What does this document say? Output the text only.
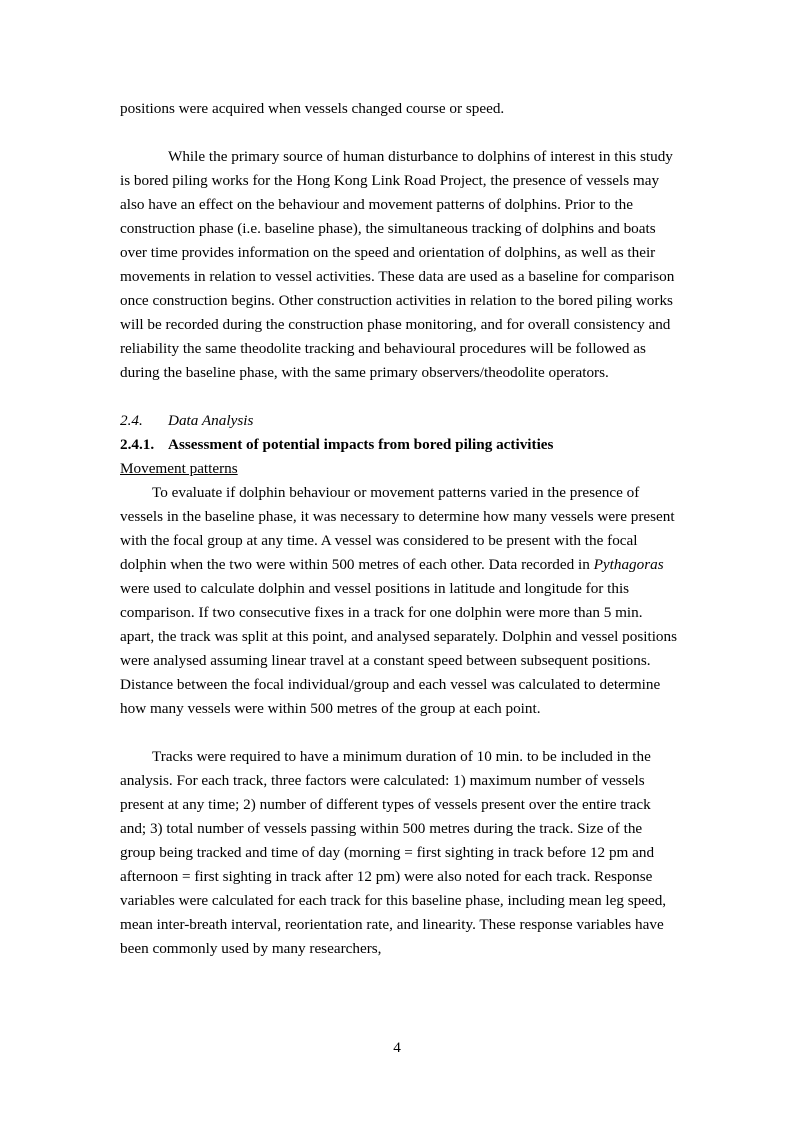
positions were acquired when vessels changed course or speed.

While the primary source of human disturbance to dolphins of interest in this study is bored piling works for the Hong Kong Link Road Project, the presence of vessels may also have an effect on the behaviour and movement patterns of dolphins. Prior to the construction phase (i.e. baseline phase), the simultaneous tracking of dolphins and boats over time provides information on the speed and orientation of dolphins, as well as their movements in relation to vessel activities. These data are used as a baseline for comparison once construction begins. Other construction activities in relation to the bored piling works will be recorded during the construction phase monitoring, and for overall consistency and reliability the same theodolite tracking and behavioural procedures will be followed as during the baseline phase, with the same primary observers/theodolite operators.

2.4. Data Analysis

2.4.1. Assessment of potential impacts from bored piling activities

Movement patterns

To evaluate if dolphin behaviour or movement patterns varied in the presence of vessels in the baseline phase, it was necessary to determine how many vessels were present with the focal group at any time. A vessel was considered to be present with the focal dolphin when the two were within 500 metres of each other. Data recorded in Pythagoras were used to calculate dolphin and vessel positions in latitude and longitude for this comparison. If two consecutive fixes in a track for one dolphin were more than 5 min. apart, the track was split at this point, and analysed separately. Dolphin and vessel positions were analysed assuming linear travel at a constant speed between subsequent positions. Distance between the focal individual/group and each vessel was calculated to determine how many vessels were within 500 metres of the group at each point.

Tracks were required to have a minimum duration of 10 min. to be included in the analysis. For each track, three factors were calculated: 1) maximum number of vessels present at any time; 2) number of different types of vessels present over the entire track and; 3) total number of vessels passing within 500 metres during the track. Size of the group being tracked and time of day (morning = first sighting in track before 12 pm and afternoon = first sighting in track after 12 pm) were also noted for each track. Response variables were calculated for each track for this baseline phase, including mean leg speed, mean inter-breath interval, reorientation rate, and linearity. These response variables have been commonly used by many researchers,

4
